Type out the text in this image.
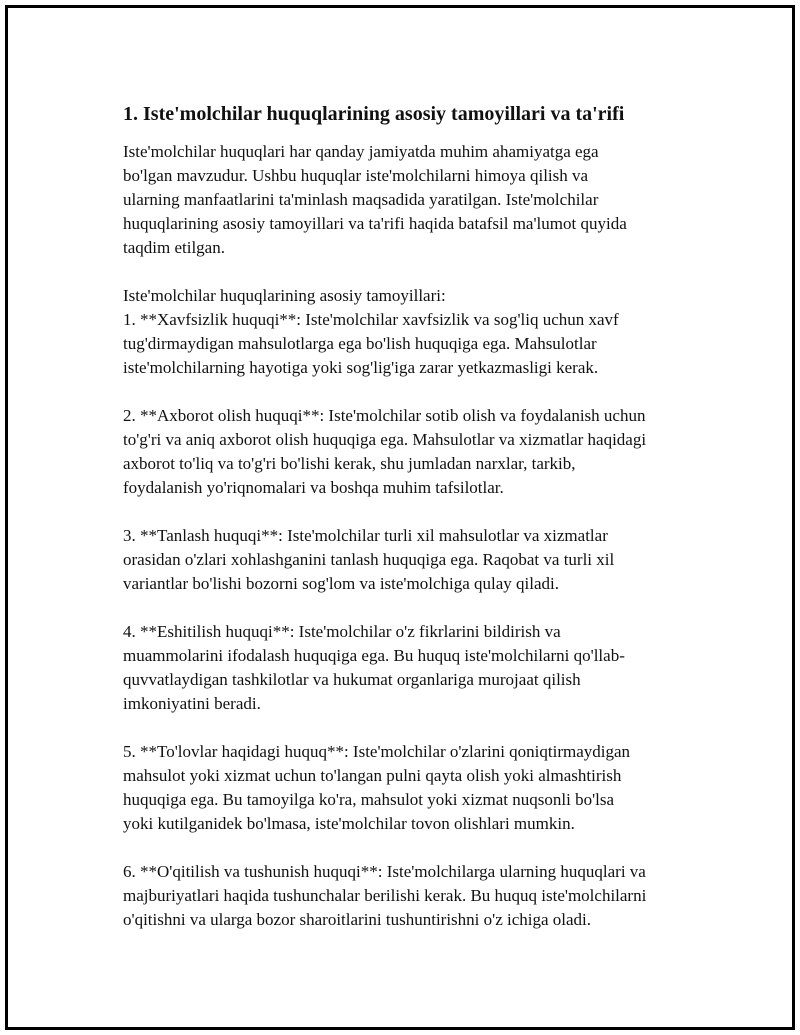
1. Iste'molchilar huquqlarining asosiy tamoyillari va ta'rifi

Iste'molchilar huquqlari har qanday jamiyatda muhim ahamiyatga ega
bo'lgan mavzudur. Ushbu huquqlar iste'molchilarni himoya qilish va
ularning manfaatlarini ta'minlash maqsadida yaratilgan. Iste'molchilar
huquqlarining asosiy tamoyillari va ta'rifi haqida batafsil ma'lumot quyida
taqdim etilgan.

Iste'molchilar huquqlarining asosiy tamoyillari:
1. **Xavfsizlik huquqi**: Iste'molchilar xavfsizlik va sog'liq uchun xavf
tug'dirmaydigan mahsulotlarga ega bo'lish huquqiga ega. Mahsulotlar
iste'molchilarning hayotiga yoki sog'lig'iga zarar yetkazmasligi kerak.

2. **Axborot olish huquqi**: Iste'molchilar sotib olish va foydalanish uchun
to'g'ri va aniq axborot olish huquqiga ega. Mahsulotlar va xizmatlar haqidagi
axborot to'liq va to'g'ri bo'lishi kerak, shu jumladan narxlar, tarkib,
foydalanish yo'riqnomalari va boshqa muhim tafsilotlar.

3. **Tanlash huquqi**: Iste'molchilar turli xil mahsulotlar va xizmatlar
orasidan o'zlari xohlashganini tanlash huquqiga ega. Raqobat va turli xil
variantlar bo'lishi bozorni sog'lom va iste'molchiga qulay qiladi.

4. **Eshitilish huquqi**: Iste'molchilar o'z fikrlarini bildirish va
muammolarini ifodalash huquqiga ega. Bu huquq iste'molchilarni qo'llab-
quvvatlaydigan tashkilotlar va hukumat organlariga murojaat qilish
imkoniyatini beradi.

5. **To'lovlar haqidagi huquq**: Iste'molchilar o'zlarini qoniqtirmaydigan
mahsulot yoki xizmat uchun to'langan pulni qayta olish yoki almashtirish
huquqiga ega. Bu tamoyilga ko'ra, mahsulot yoki xizmat nuqsonli bo'lsa
yoki kutilganidek bo'lmasa, iste'molchilar tovon olishlari mumkin.

6. **O'qitilish va tushunish huquqi**: Iste'molchilarga ularning huquqlari va
majburiyatlari haqida tushunchalar berilishi kerak. Bu huquq iste'molchilarni
o'qitishni va ularga bozor sharoitlarini tushuntirishni o'z ichiga oladi.
